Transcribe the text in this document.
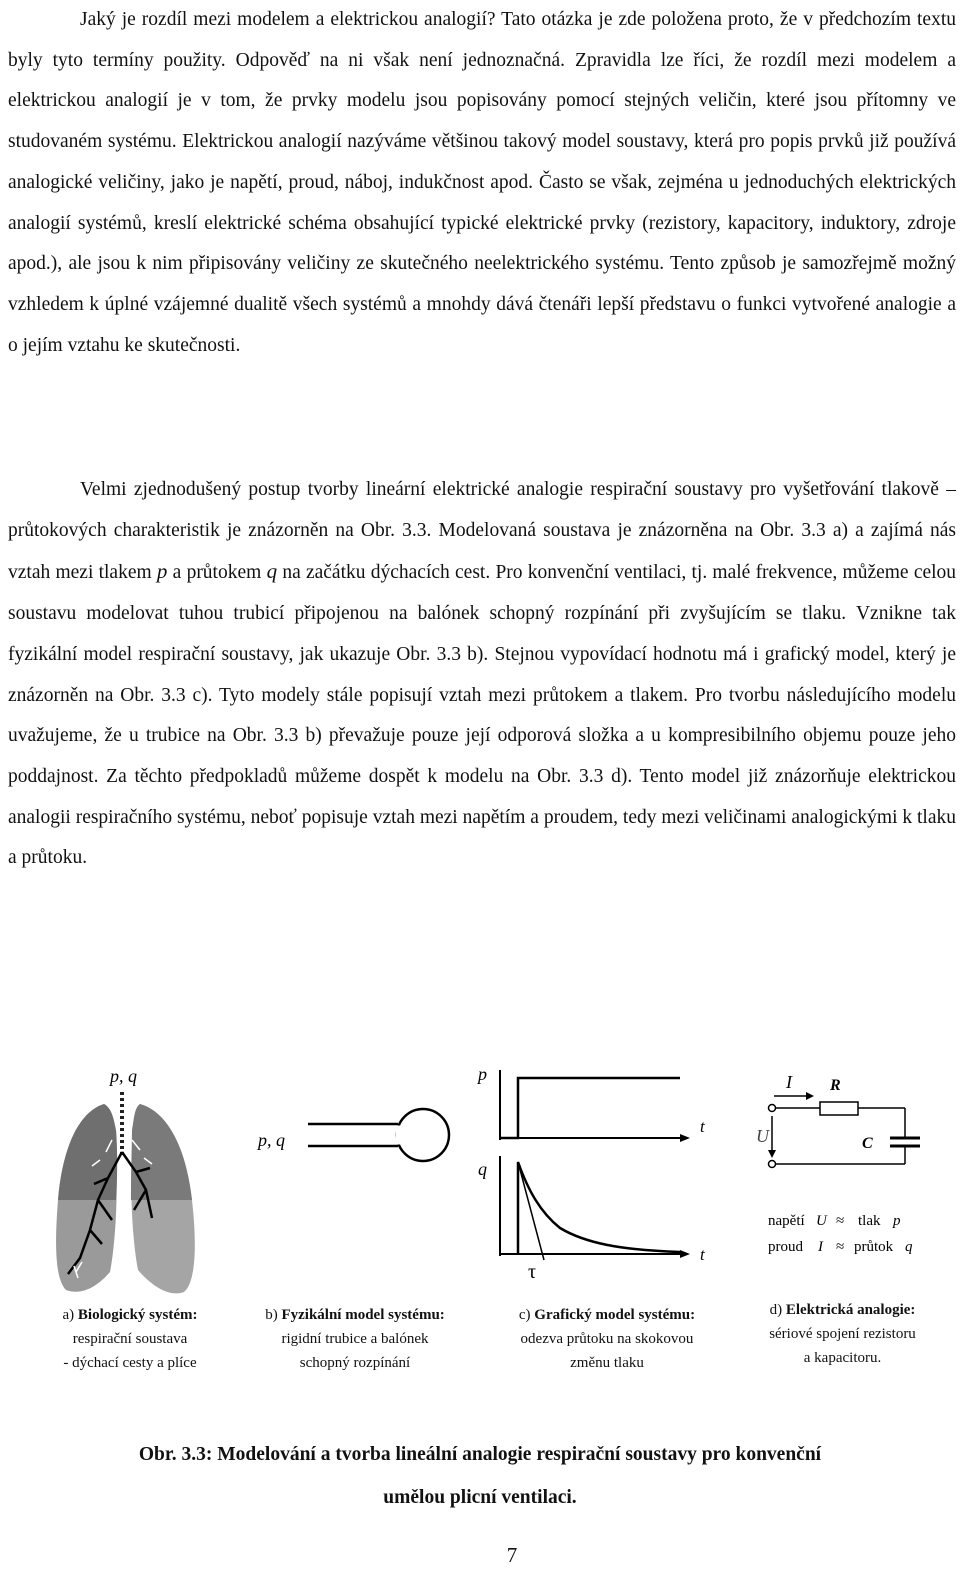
Jaký je rozdíl mezi modelem a elektrickou analogií? Tato otázka je zde položena proto, že v předchozím textu byly tyto termíny použity. Odpověď na ni však není jednoznačná. Zpravidla lze říci, že rozdíl mezi modelem a elektrickou analogií je v tom, že prvky modelu jsou popisovány pomocí stejných veličin, které jsou přítomny ve studovaném systému. Elektrickou analogií nazýváme většinou takový model soustavy, která pro popis prvků již používá analogické veličiny, jako je napětí, proud, náboj, indukčnost apod. Často se však, zejména u jednoduchých elektrických analogií systémů, kreslí elektrické schéma obsahující typické elektrické prvky (rezistory, kapacitory, induktory, zdroje apod.), ale jsou k nim připisovány veličiny ze skutečného neelektrického systému. Tento způsob je samozřejmě možný vzhledem k úplné vzájemné dualitě všech systémů a mnohdy dává čtenáři lepší představu o funkci vytvořené analogie a o jejím vztahu ke skutečnosti.

Velmi zjednodušený postup tvorby lineární elektrické analogie respirační soustavy pro vyšetřování tlakově – průtokových charakteristik je znázorněn na Obr. 3.3. Modelovaná soustava je znázorněna na Obr. 3.3 a) a zajímá nás vztah mezi tlakem p a průtokem q na začátku dýchacích cest. Pro konvenční ventilaci, tj. malé frekvence, můžeme celou soustavu modelovat tuhou trubicí připojenou na balónek schopný rozpínání při zvyšujícím se tlaku. Vznikne tak fyzikální model respirační soustavy, jak ukazuje Obr. 3.3 b). Stejnou vypovídací hodnotu má i grafický model, který je znázorněn na Obr. 3.3 c). Tyto modely stále popisují vztah mezi průtokem a tlakem. Pro tvorbu následujícího modelu uvažujeme, že u trubice na Obr. 3.3 b) převažuje pouze její odporová složka a u kompresibilního objemu pouze jeho poddajnost. Za těchto předpokladů můžeme dospět k modelu na Obr. 3.3 d). Tento model již znázorňuje elektrickou analogii respiračního systému, neboť popisuje vztah mezi napětím a proudem, tedy mezi veličinami analogickými k tlaku a průtoku.

p, q
p, q
p
t
q
t
τ
I R
U	C
napětí U ≈ tlak p
proud I ≈ průtok q
a) Biologický systém:
respirační soustava
- dýchací cesty a plíce
b) Fyzikální model systému:
rigidní trubice a balónek
schopný rozpínání
c) Grafický model systému:
odezva průtoku na skokovou
změnu tlaku
d) Elektrická analogie:
sériové spojení rezistoru
a kapacitoru.
Obr. 3.3: Modelování a tvorba lineální analogie respirační soustavy pro konvenční
umělou plicní ventilaci.
7
